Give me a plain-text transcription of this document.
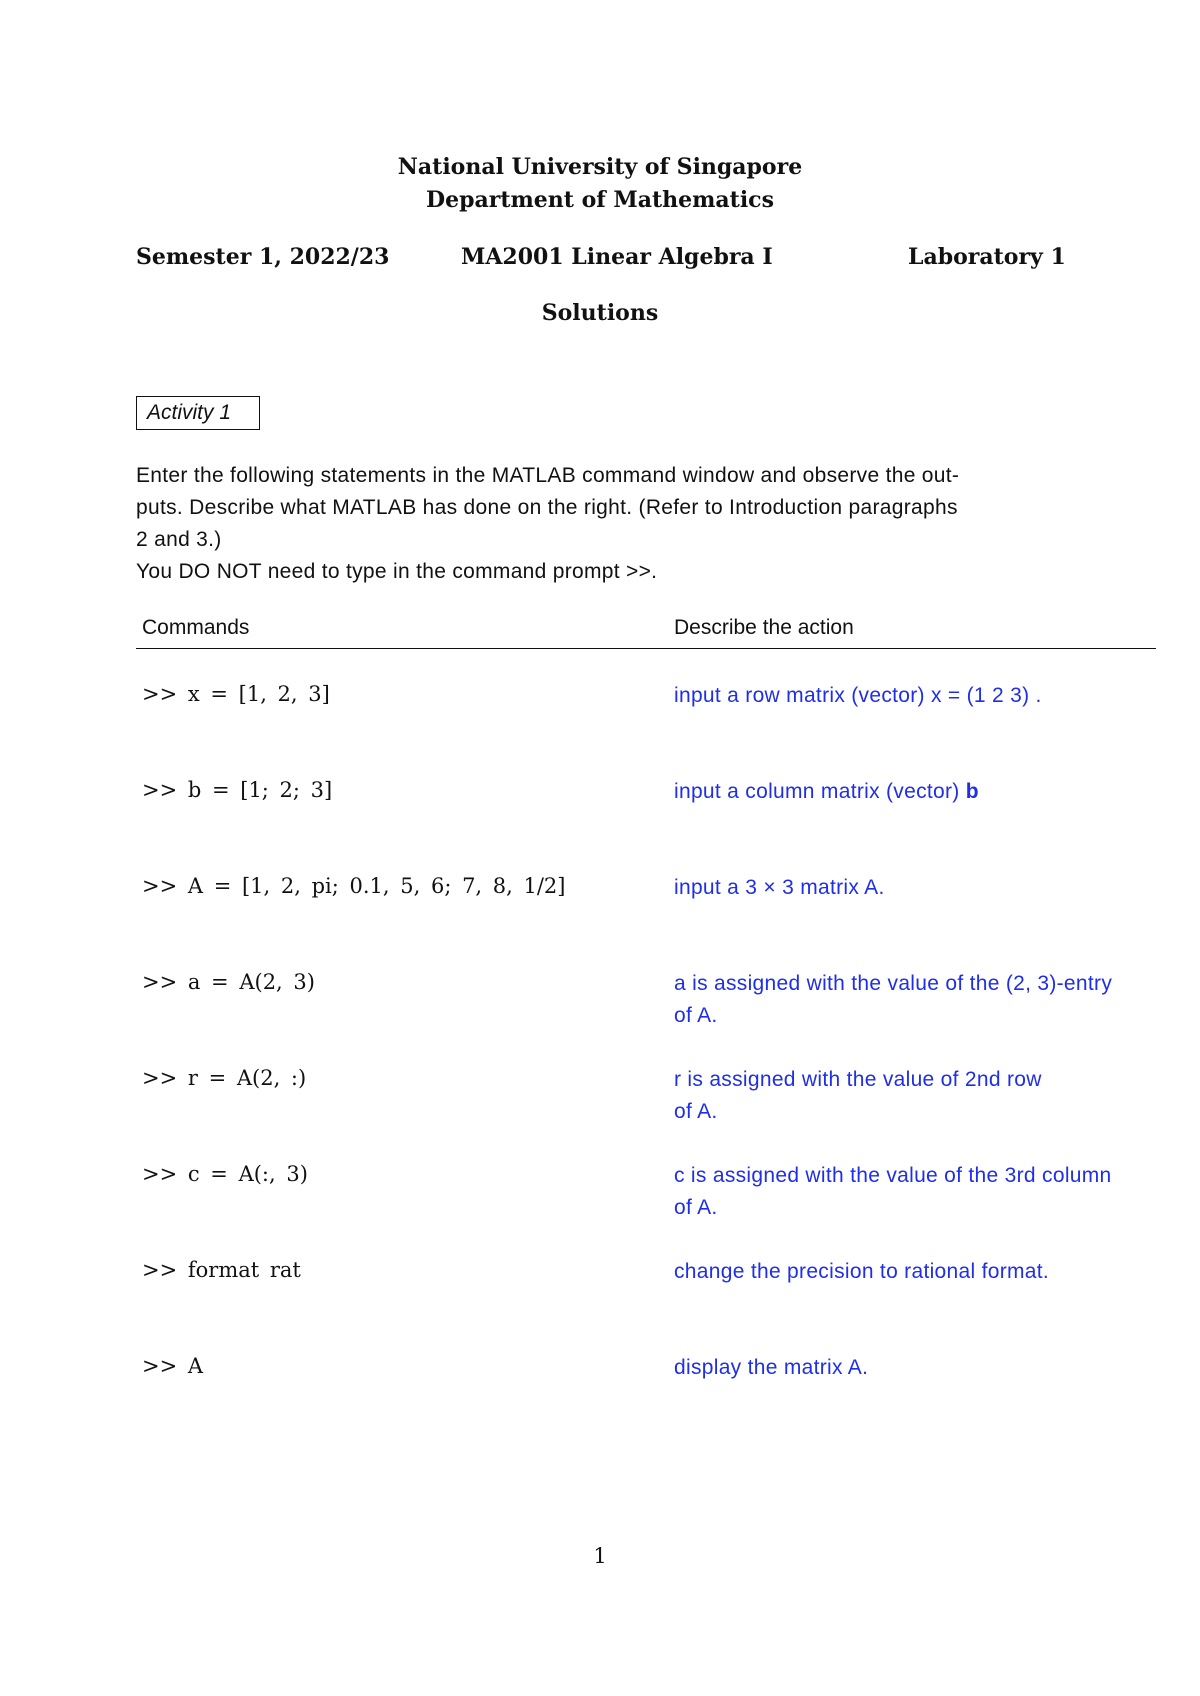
National University of Singapore
Department of Mathematics
Semester 1, 2022/23	MA2001 Linear Algebra I	Laboratory 1
Solutions
Activity 1

Enter the following statements in the MATLAB command window and observe the out-

puts. Describe what MATLAB has done on the right. (Refer to Introduction paragraphs

2 and 3.)

You DO NOT need to type in the command prompt >>.

Commands	Describe the action
>> x = [1, 2, 3]	input a row matrix (vector) x = (1 2 3) .
>> b = [1; 2; 3]	input a column matrix (vector) b
>> A = [1, 2, pi; 0.1, 5, 6; 7, 8, 1/2]	input a 3 × 3 matrix A.
>> a = A(2, 3)	a is assigned with the value of the (2, 3)-entry
of A.
>> r = A(2, :)	r is assigned with the value of 2nd row
of A.
>> c = A(:, 3)	c is assigned with the value of the 3rd column
of A.
>> format rat	change the precision to rational format.
>> A	display the matrix A.
1
